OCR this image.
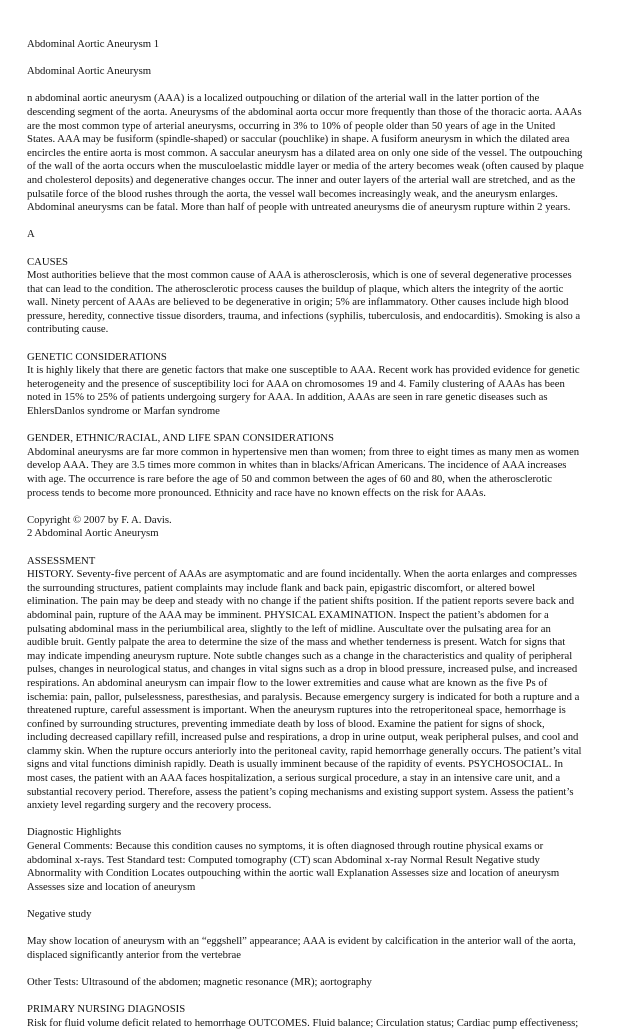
Abdominal Aortic Aneurysm 1
Abdominal Aortic Aneurysm
n abdominal aortic aneurysm (AAA) is a localized outpouching or dilation of the arterial wall in the latter portion of the
descending segment of the aorta. Aneurysms of the abdominal aorta occur more frequently than those of the thoracic aorta. AAAs
are the most common type of arterial aneurysms, occurring in 3% to 10% of people older than 50 years of age in the United
States. AAA may be fusiform (spindle-shaped) or saccular (pouchlike) in shape. A fusiform aneurysm in which the dilated area
encircles the entire aorta is most common. A saccular aneurysm has a dilated area on only one side of the vessel. The outpouching
of the wall of the aorta occurs when the musculoelastic middle layer or media of the artery becomes weak (often caused by plaque
and cholesterol deposits) and degenerative changes occur. The inner and outer layers of the arterial wall are stretched, and as the
pulsatile force of the blood rushes through the aorta, the vessel wall becomes increasingly weak, and the aneurysm enlarges.
Abdominal aneurysms can be fatal. More than half of people with untreated aneurysms die of aneurysm rupture within 2 years.
A
CAUSES
Most authorities believe that the most common cause of AAA is atherosclerosis, which is one of several degenerative processes
that can lead to the condition. The atherosclerotic process causes the buildup of plaque, which alters the integrity of the aortic
wall. Ninety percent of AAAs are believed to be degenerative in origin; 5% are inflammatory. Other causes include high blood
pressure, heredity, connective tissue disorders, trauma, and infections (syphilis, tuberculosis, and endocarditis). Smoking is also a
contributing cause.
GENETIC CONSIDERATIONS
It is highly likely that there are genetic factors that make one susceptible to AAA. Recent work has provided evidence for genetic
heterogeneity and the presence of susceptibility loci for AAA on chromosomes 19 and 4. Family clustering of AAAs has been
noted in 15% to 25% of patients undergoing surgery for AAA. In addition, AAAs are seen in rare genetic diseases such as
EhlersDanlos syndrome or Marfan syndrome
GENDER, ETHNIC/RACIAL, AND LIFE SPAN CONSIDERATIONS
Abdominal aneurysms are far more common in hypertensive men than women; from three to eight times as many men as women
develop AAA. They are 3.5 times more common in whites than in blacks/African Americans. The incidence of AAA increases
with age. The occurrence is rare before the age of 50 and common between the ages of 60 and 80, when the atherosclerotic
process tends to become more pronounced. Ethnicity and race have no known effects on the risk for AAAs.
Copyright © 2007 by F. A. Davis.
2 Abdominal Aortic Aneurysm
ASSESSMENT
HISTORY. Seventy-five percent of AAAs are asymptomatic and are found incidentally. When the aorta enlarges and compresses
the surrounding structures, patient complaints may include flank and back pain, epigastric discomfort, or altered bowel
elimination. The pain may be deep and steady with no change if the patient shifts position. If the patient reports severe back and
abdominal pain, rupture of the AAA may be imminent. PHYSICAL EXAMINATION. Inspect the patient’s abdomen for a
pulsating abdominal mass in the periumbilical area, slightly to the left of midline. Auscultate over the pulsating area for an
audible bruit. Gently palpate the area to determine the size of the mass and whether tenderness is present. Watch for signs that
may indicate impending aneurysm rupture. Note subtle changes such as a change in the characteristics and quality of peripheral
pulses, changes in neurological status, and changes in vital signs such as a drop in blood pressure, increased pulse, and increased
respirations. An abdominal aneurysm can impair flow to the lower extremities and cause what are known as the five Ps of
ischemia: pain, pallor, pulselessness, paresthesias, and paralysis. Because emergency surgery is indicated for both a rupture and a
threatened rupture, careful assessment is important. When the aneurysm ruptures into the retroperitoneal space, hemorrhage is
confined by surrounding structures, preventing immediate death by loss of blood. Examine the patient for signs of shock,
including decreased capillary refill, increased pulse and respirations, a drop in urine output, weak peripheral pulses, and cool and
clammy skin. When the rupture occurs anteriorly into the peritoneal cavity, rapid hemorrhage generally occurs. The patient’s vital
signs and vital functions diminish rapidly. Death is usually imminent because of the rapidity of events. PSYCHOSOCIAL. In
most cases, the patient with an AAA faces hospitalization, a serious surgical procedure, a stay in an intensive care unit, and a
substantial recovery period. Therefore, assess the patient’s coping mechanisms and existing support system. Assess the patient’s
anxiety level regarding surgery and the recovery process.
Diagnostic Highlights
General Comments: Because this condition causes no symptoms, it is often diagnosed through routine physical exams or
abdominal x-rays. Test Standard test: Computed tomography (CT) scan Abdominal x-ray Normal Result Negative study
Abnormality with Condition Locates outpouching within the aortic wall Explanation Assesses size and location of aneurysm
Assesses size and location of aneurysm
Negative study
May show location of aneurysm with an “eggshell” appearance; AAA is evident by calcification in the anterior wall of the aorta,
displaced significantly anterior from the vertebrae
Other Tests: Ultrasound of the abdomen; magnetic resonance (MR); aortography
PRIMARY NURSING DIAGNOSIS
Risk for fluid volume deficit related to hemorrhage OUTCOMES. Fluid balance; Circulation status; Cardiac pump effectiveness;
